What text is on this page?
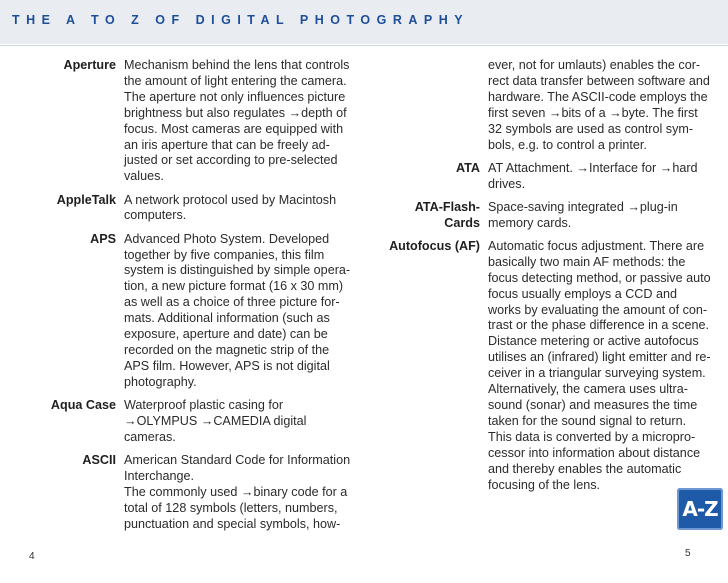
THE A TO Z OF DIGITAL PHOTOGRAPHY
Aperture Mechanism behind the lens that controls
the amount of light entering the camera.
The aperture not only influences picture
brightness but also regulates →depth of
focus. Most cameras are equipped with
an iris aperture that can be freely ad-
justed or set according to pre-selected
values.
AppleTalk A network protocol used by Macintosh
computers.
APS Advanced Photo System. Developed
together by five companies, this film
system is distinguished by simple opera-
tion, a new picture format (16 x 30 mm)
as well as a choice of three picture for-
mats. Additional information (such as
exposure, aperture and date) can be
recorded on the magnetic strip of the
APS film. However, APS is not digital
photography.
Aqua Case Waterproof plastic casing for
→OLYMPUS →CAMEDIA digital
cameras.
ASCII American Standard Code for Information
Interchange.
The commonly used →binary code for a
total of 128 symbols (letters, numbers,
punctuation and special symbols, how-
ever, not for umlauts) enables the cor-
rect data transfer between software and
hardware. The ASCII-code employs the
first seven →bits of a →byte. The first
32 symbols are used as control sym-
bols, e.g. to control a printer.
ATA AT Attachment. →Interface for →hard
drives.
ATA-Flash-
Cards
Space-saving integrated →plug-in
memory cards.
Autofocus (AF) Automatic focus adjustment. There are
basically two main AF methods: the
focus detecting method, or passive auto
focus usually employs a CCD and
works by evaluating the amount of con-
trast or the phase difference in a scene.
Distance metering or active autofocus
utilises an (infrared) light emitter and re-
ceiver in a triangular surveying system.
Alternatively, the camera uses ultra-
sound (sonar) and measures the time
taken for the sound signal to return.
This data is converted by a micropro-
cessor into information about distance
and thereby enables the automatic
focusing of the lens.
4	5
A-Z
